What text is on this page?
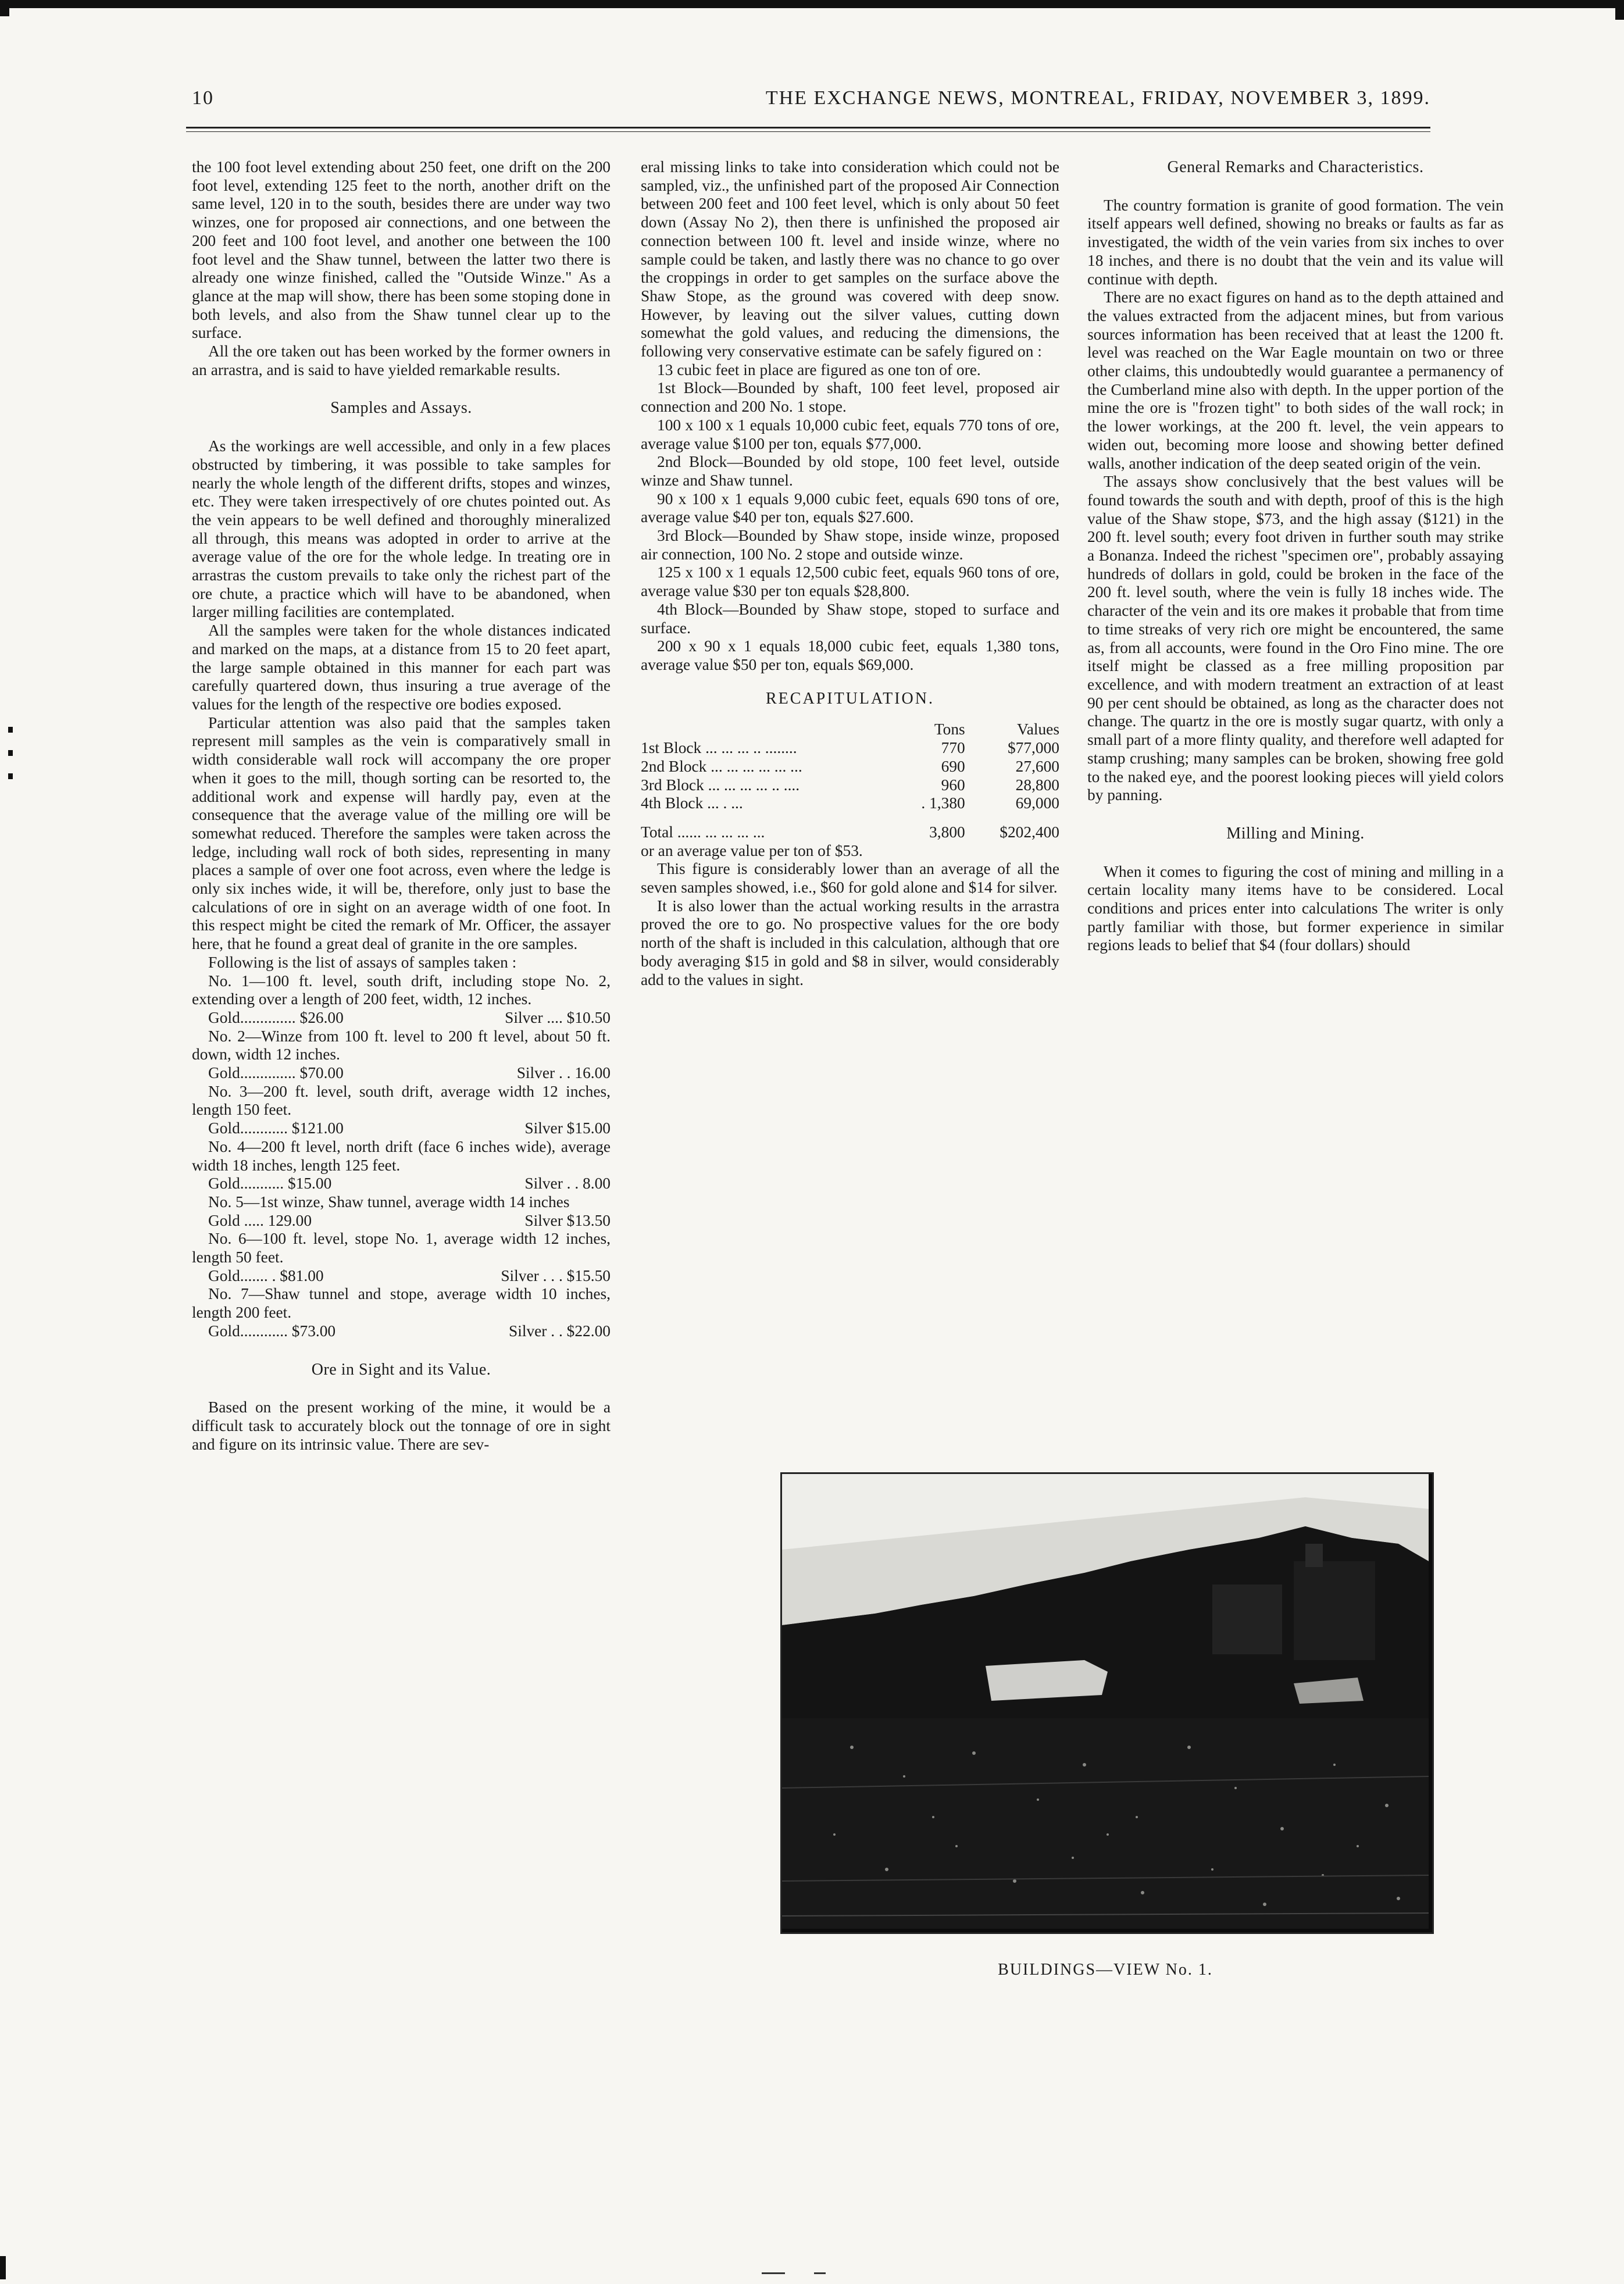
10	THE EXCHANGE NEWS, MONTREAL, FRIDAY, NOVEMBER 3, 1899.

the 100 foot level extending about 250 feet, one drift on the 200 foot level, extending 125 feet to the north, another drift on the same level, 120 in to the south, besides there are under way two winzes, one for proposed air connections, and one between the 200 feet and 100 foot level, and another one between the 100 foot level and the Shaw tunnel, between the latter two there is already one winze finished, called the "Outside Winze." As a glance at the map will show, there has been some stoping done in both levels, and also from the Shaw tunnel clear up to the surface.

All the ore taken out has been worked by the former owners in an arrastra, and is said to have yielded remarkable results.

Samples and Assays.

As the workings are well accessible, and only in a few places obstructed by timbering, it was possible to take samples for nearly the whole length of the different drifts, stopes and winzes, etc. They were taken irrespectively of ore chutes pointed out. As the vein appears to be well defined and thoroughly mineralized all through, this means was adopted in order to arrive at the average value of the ore for the whole ledge. In treating ore in arrastras the custom prevails to take only the richest part of the ore chute, a practice which will have to be abandoned, when larger milling facilities are contemplated.

All the samples were taken for the whole distances indicated and marked on the maps, at a distance from 15 to 20 feet apart, the large sample obtained in this manner for each part was carefully quartered down, thus insuring a true average of the values for the length of the respective ore bodies exposed.

Particular attention was also paid that the samples taken represent mill samples as the vein is comparatively small in width considerable wall rock will accompany the ore proper when it goes to the mill, though sorting can be resorted to, the additional work and expense will hardly pay, even at the consequence that the average value of the milling ore will be somewhat reduced. Therefore the samples were taken across the ledge, including wall rock of both sides, representing in many places a sample of over one foot across, even where the ledge is only six inches wide, it will be, therefore, only just to base the calculations of ore in sight on an average width of one foot. In this respect might be cited the remark of Mr. Officer, the assayer here, that he found a great deal of granite in the ore samples.

Following is the list of assays of samples taken :

No. 1—100 ft. level, south drift, including stope No. 2, extending over a length of 200 feet, width, 12 inches.

Gold.............. $26.00	Silver .... $10.50

No. 2—Winze from 100 ft. level to 200 ft level, about 50 ft. down, width 12 inches.

Gold.............. $70.00	Silver . . 16.00

No. 3—200 ft. level, south drift, average width 12 inches, length 150 feet.

Gold............ $121.00	Silver $15.00

No. 4—200 ft level, north drift (face 6 inches wide), average width 18 inches, length 125 feet.

Gold........... $15.00	Silver . . 8.00

No. 5—1st winze, Shaw tunnel, average width 14 inches

Gold ..... 129.00	Silver $13.50

No. 6—100 ft. level, stope No. 1, average width 12 inches, length 50 feet.

Gold....... . $81.00	Silver . . . $15.50

No. 7—Shaw tunnel and stope, average width 10 inches, length 200 feet.

Gold............ $73.00	Silver . . $22.00

Ore in Sight and its Value.

Based on the present working of the mine, it would be a difficult task to accurately block out the tonnage of ore in sight and figure on its intrinsic value. There are sev-

eral missing links to take into consideration which could not be sampled, viz., the unfinished part of the proposed Air Connection between 200 feet and 100 feet level, which is only about 50 feet down (Assay No 2), then there is unfinished the proposed air connection between 100 ft. level and inside winze, where no sample could be taken, and lastly there was no chance to go over the croppings in order to get samples on the surface above the Shaw Stope, as the ground was covered with deep snow. However, by leaving out the silver values, cutting down somewhat the gold values, and reducing the dimensions, the following very conservative estimate can be safely figured on :

13 cubic feet in place are figured as one ton of ore.

1st Block—Bounded by shaft, 100 feet level, proposed air connection and 200 No. 1 stope.

100 x 100 x 1 equals 10,000 cubic feet, equals 770 tons of ore, average value $100 per ton, equals $77,000.

2nd Block—Bounded by old stope, 100 feet level, outside winze and Shaw tunnel.

90 x 100 x 1 equals 9,000 cubic feet, equals 690 tons of ore, average value $40 per ton, equals $27.600.

3rd Block—Bounded by Shaw stope, inside winze, proposed air connection, 100 No. 2 stope and outside winze.

125 x 100 x 1 equals 12,500 cubic feet, equals 960 tons of ore, average value $30 per ton equals $28,800.

4th Block—Bounded by Shaw stope, stoped to surface and surface.

200 x 90 x 1 equals 18,000 cubic feet, equals 1,380 tons, average value $50 per ton, equals $69,000.

RECAPITULATION.
	Tons	Values
1st Block ... ... ... .. ........	770	$77,000
2nd Block ... ... ... ... ... ...	690	27,600
3rd Block ... ... ... ... .. ....	960	28,800
4th Block ... . ...	. 1,380	69,000
Total ...... ... ... ... ...	3,800	$202,400

or an average value per ton of $53.

This figure is considerably lower than an average of all the seven samples showed, i.e., $60 for gold alone and $14 for silver.

It is also lower than the actual working results in the arrastra proved the ore to go. No prospective values for the ore body north of the shaft is included in this calculation, although that ore body averaging $15 in gold and $8 in silver, would considerably add to the values in sight.

General Remarks and Characteristics.

The country formation is granite of good formation. The vein itself appears well defined, showing no breaks or faults as far as investigated, the width of the vein varies from six inches to over 18 inches, and there is no doubt that the vein and its value will continue with depth.

There are no exact figures on hand as to the depth attained and the values extracted from the adjacent mines, but from various sources information has been received that at least the 1200 ft. level was reached on the War Eagle mountain on two or three other claims, this undoubtedly would guarantee a permanency of the Cumberland mine also with depth. In the upper portion of the mine the ore is "frozen tight" to both sides of the wall rock; in the lower workings, at the 200 ft. level, the vein appears to widen out, becoming more loose and showing better defined walls, another indication of the deep seated origin of the vein.

The assays show conclusively that the best values will be found towards the south and with depth, proof of this is the high value of the Shaw stope, $73, and the high assay ($121) in the 200 ft. level south; every foot driven in further south may strike a Bonanza. Indeed the richest "specimen ore", probably assaying hundreds of dollars in gold, could be broken in the face of the 200 ft. level south, where the vein is fully 18 inches wide. The character of the vein and its ore makes it probable that from time to time streaks of very rich ore might be encountered, the same as, from all accounts, were found in the Oro Fino mine. The ore itself might be classed as a free milling proposition par excellence, and with modern treatment an extraction of at least 90 per cent should be obtained, as long as the character does not change. The quartz in the ore is mostly sugar quartz, with only a small part of a more flinty quality, and therefore well adapted for stamp crushing; many samples can be broken, showing free gold to the naked eye, and the poorest looking pieces will yield colors by panning.

Milling and Mining.

When it comes to figuring the cost of mining and milling in a certain locality many items have to be considered. Local conditions and prices enter into calculations The writer is only partly familiar with those, but former experience in similar regions leads to belief that $4 (four dollars) should

BUILDINGS—VIEW No. 1.
